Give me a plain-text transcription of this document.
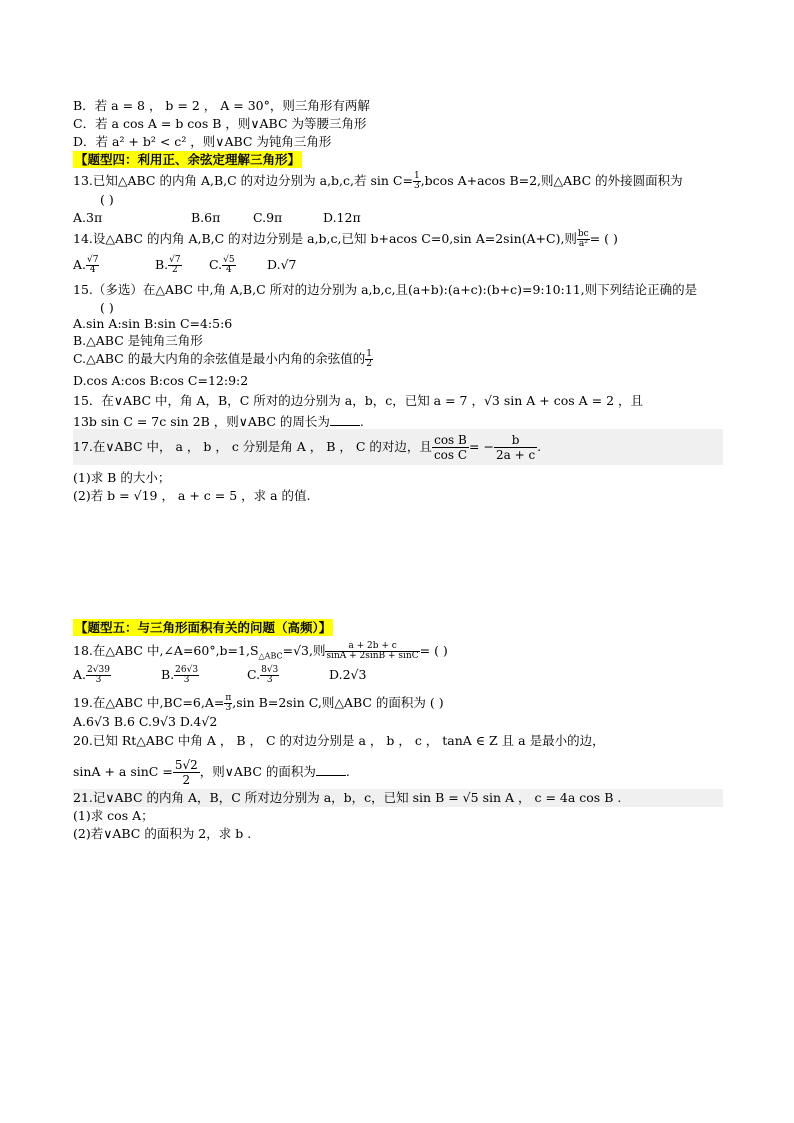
B．若 a = 8 ， b = 2 ， A = 30°，则三角形有两解
C．若 a cos A = b cos B ，则∨ABC 为等腰三角形
D．若 a² + b² < c² ，则∨ABC 为钝角三角形
【题型四：利用正、余弦定理解三角形】
13.已知△ABC 的内角 A,B,C 的对边分别为 a,b,c,若 $\sin C= \frac{1}{3} ,bcos$ A+acos B=2,则△ABC 的外接圆面积为
( )
A.3π	B.6π	C.9π	D.12π
14.设△ABC 的内角 A,B,C 的对边分别是 a,b,c,已知 b+acos C=0,sin A=2sin(A+C),则 $\frac{bc}{\text{a²}}$ = ( )
A. $\frac{√7}{4}$	B. $\frac{√7}{2} C$. $\frac{√5}{4}$	D.√7
15.（多选）在△ABC 中,角 A,B,C 所对的边分别为 a,b,c,且(a+b):(a+c):(b+c)=9:10:11,则下列结论正确的是
( )
A.sin A:sin B:sin C=4:5:6
B.△ABC 是钝角三角形
C.△ABC 的最大内角的余弦值是最小内角的余弦值的 $\frac{1}{2}$
D.cos A:cos B:cos C=12:9:2
15．在∨ABC 中，角 A，B，C 所对的边分别为 a，b，c，已知 a = 7 ，√3 sin A + cos A = 2 ，且
13b sin C = 7c sin 2B ，则∨ABC 的周长为 .
17.在∨ABC 中， a ， b ， c 分别是角 A ， B ， C 的对边，且 $\frac{\text{cos B}}{\text{cos C}}$ = − $\frac{b}{2a + c}$ .
(1)求 B 的大小；
(2)若 b = √19 ， a + c = 5 ，求 a 的值.
【题型五：与三角形面积有关的问题（高频）】
18.在△ABC 中$,\angle A=60^\circ,b=1,S_{\triangle ABC}=√3$,则 $\frac{a + 2b + c}{\sin A + 2\sin B + \sin C}$ = ( )
A. $\frac{2√39}{3}$	B. $\frac{26√3}{3}$	C. $\frac{8√3}{3}$	D.2√3
19.在△ABC 中$,BC=6,A= \frac{\pi}{3} ,\sin$ B=2sin C,则△ABC 的面积为 ( )
A.6√3 B.6 C.9√3 D.4√2
20.已知 Rt△ABC 中角 A ， B ， C 的对边分别是 a ， b ， c ， tanA ∈ Z 且 a 是最小的边，
sinA + a $\sin C = \frac{5√2}{2}$ ，则∨ABC 的面积为 .
21.记∨ABC 的内角 A，B，C 所对边分别为 a，b，c，已知 sin B = √5 sin A ， c = 4a cos B .
(1)求 cos A；
(2)若∨ABC 的面积为 2，求 b .
